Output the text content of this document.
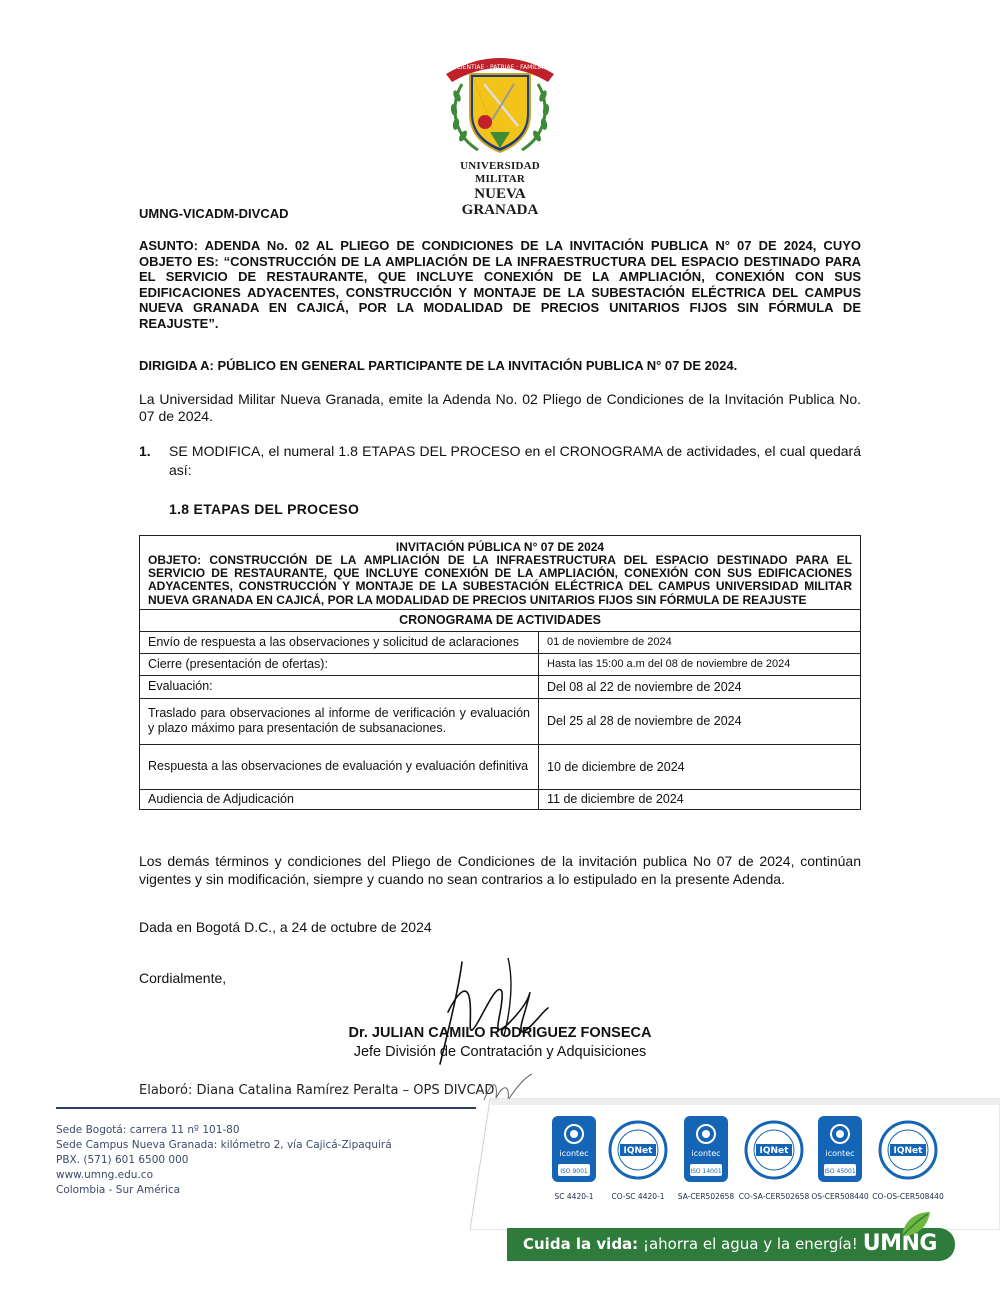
SCIENTIAE · PATRIAE · FAMILIAE
UNIVERSIDAD MILITAR
NUEVA GRANADA
UMNG-VICADM-DIVCAD
ASUNTO: ADENDA No. 02 AL PLIEGO DE CONDICIONES DE LA INVITACIÓN PUBLICA N° 07 DE 2024, CUYO OBJETO ES: “CONSTRUCCIÓN DE LA AMPLIACIÓN DE LA INFRAESTRUCTURA DEL ESPACIO DESTINADO PARA EL SERVICIO DE RESTAURANTE, QUE INCLUYE CONEXIÓN DE LA AMPLIACIÓN, CONEXIÓN CON SUS EDIFICACIONES ADYACENTES, CONSTRUCCIÓN Y MONTAJE DE LA SUBESTACIÓN ELÉCTRICA DEL CAMPUS NUEVA GRANADA EN CAJICÁ, POR LA MODALIDAD DE PRECIOS UNITARIOS FIJOS SIN FÓRMULA DE REAJUSTE”.
DIRIGIDA A: PÚBLICO EN GENERAL PARTICIPANTE DE LA INVITACIÓN PUBLICA N° 07 DE 2024.
La Universidad Militar Nueva Granada, emite la Adenda No. 02 Pliego de Condiciones de la Invitación Publica No. 07 de 2024.
1.	SE MODIFICA, el numeral 1.8 ETAPAS DEL PROCESO en el CRONOGRAMA de actividades, el cual quedará así:
1.8 ETAPAS DEL PROCESO
INVITACIÓN PÚBLICA N° 07 DE 2024
OBJETO: CONSTRUCCIÓN DE LA AMPLIACIÓN DE LA INFRAESTRUCTURA DEL ESPACIO DESTINADO PARA EL SERVICIO DE RESTAURANTE, QUE INCLUYE CONEXIÓN DE LA AMPLIACIÓN, CONEXIÓN CON SUS EDIFICACIONES ADYACENTES, CONSTRUCCIÓN Y MONTAJE DE LA SUBESTACIÓN ELÉCTRICA DEL CAMPUS UNIVERSIDAD MILITAR NUEVA GRANADA EN CAJICÁ, POR LA MODALIDAD DE PRECIOS UNITARIOS FIJOS SIN FÓRMULA DE REAJUSTE	

CRONOGRAMA DE ACTIVIDADES	
Envío de respuesta a las observaciones y solicitud de aclaraciones	01 de noviembre de 2024
Cierre (presentación de ofertas):	Hasta las 15:00 a.m del 08 de noviembre de 2024
Evaluación:	Del 08 al 22 de noviembre de 2024
Traslado para observaciones al informe de verificación y evaluación y plazo máximo para presentación de subsanaciones.	Del 25 al 28 de noviembre de 2024
Respuesta a las observaciones de evaluación y evaluación definitiva	10 de diciembre de 2024
Audiencia de Adjudicación	11 de diciembre de 2024
Los demás términos y condiciones del Pliego de Condiciones de la invitación publica No 07 de 2024, continúan vigentes y sin modificación, siempre y cuando no sean contrarios a lo estipulado en la presente Adenda.
Dada en Bogotá D.C., a 24 de octubre de 2024
Cordialmente,
Dr. JULIAN CAMILO RODRIGUEZ FONSECA
Jefe División de Contratación y Adquisiciones
Elaboró: Diana Catalina Ramírez Peralta – OPS DIVCAD
Sede Bogotá: carrera 11 nº 101-80
Sede Campus Nueva Granada: kilómetro 2, vía Cajicá-Zipaquirá
PBX. (571) 601 6500 000
www.umng.edu.co
Colombia - Sur América
icontec
ISO 9001
IQNet	icontec
ISO 14001
IQNet	icontec
ISO 45001
IQNet
SC 4420-1	CO-SC 4420-1	SA-CER502658 CO-SA-CER502658 OS-CER508440 CO-OS-CER508440
Cuida la vida: ¡ahorra el agua y la energía! UMNG
